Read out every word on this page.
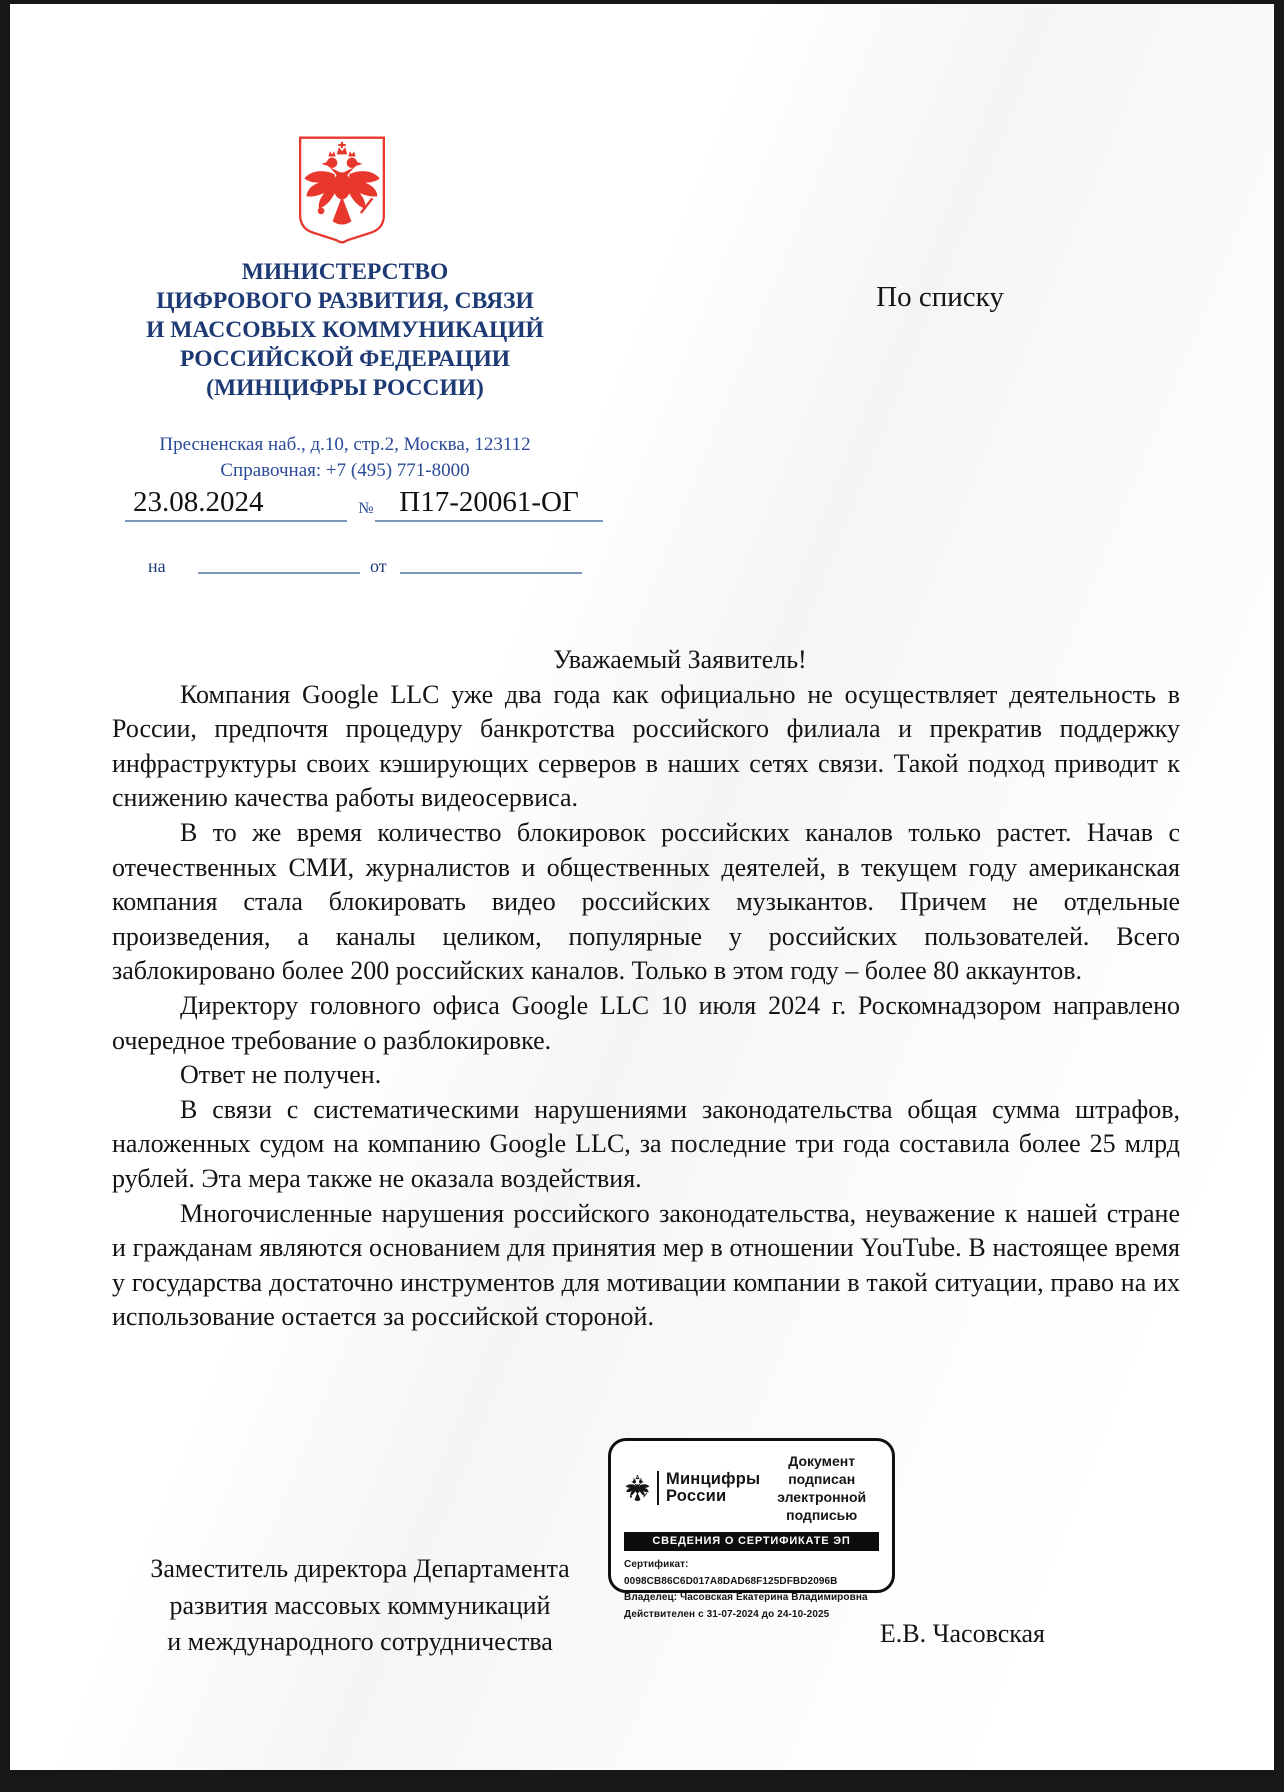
МИНИСТЕРСТВО
ЦИФРОВОГО РАЗВИТИЯ, СВЯЗИ
И МАССОВЫХ КОММУНИКАЦИЙ
РОССИЙСКОЙ ФЕДЕРАЦИИ
(МИНЦИФРЫ РОССИИ)
Пресненская наб., д.10, стр.2, Москва, 123112
Справочная: +7 (495) 771-8000
23.08.2024	№ П17-20061-ОГ
на	от
По списку

Уважаемый Заявитель!

Компания Google LLC уже два года как официально не осуществляет деятельность в России, предпочтя процедуру банкротства российского филиала и прекратив поддержку инфраструктуры своих кэширующих серверов в наших сетях связи. Такой подход приводит к снижению качества работы видеосервиса.

В то же время количество блокировок российских каналов только растет. Начав с отечественных СМИ, журналистов и общественных деятелей, в текущем году американская компания стала блокировать видео российских музыкантов. Причем не отдельные произведения, а каналы целиком, популярные у российских пользователей. Всего заблокировано более 200 российских каналов. Только в этом году – более 80 аккаунтов.

Директору головного офиса Google LLC 10 июля 2024 г. Роскомнадзором направлено очередное требование о разблокировке.

Ответ не получен.

В связи с систематическими нарушениями законодательства общая сумма штрафов, наложенных судом на компанию Google LLC, за последние три года составила более 25 млрд рублей. Эта мера также не оказала воздействия.

Многочисленные нарушения российского законодательства, неуважение к нашей стране и гражданам являются основанием для принятия мер в отношении YouTube. В настоящее время у государства достаточно инструментов для мотивации компании в такой ситуации, право на их использование остается за российской стороной.

Минцифры
России
Документ подписан
электронной подписью
СВЕДЕНИЯ О СЕРТИФИКАТЕ ЭП
Сертификат: 0098CB86C6D017A8DAD68F125DFBD2096B
Владелец: Часовская Екатерина Владимировна
Действителен с 31-07-2024 до 24-10-2025
Заместитель директора Департамента
развития массовых коммуникаций
и международного сотрудничества	Е.В. Часовская
